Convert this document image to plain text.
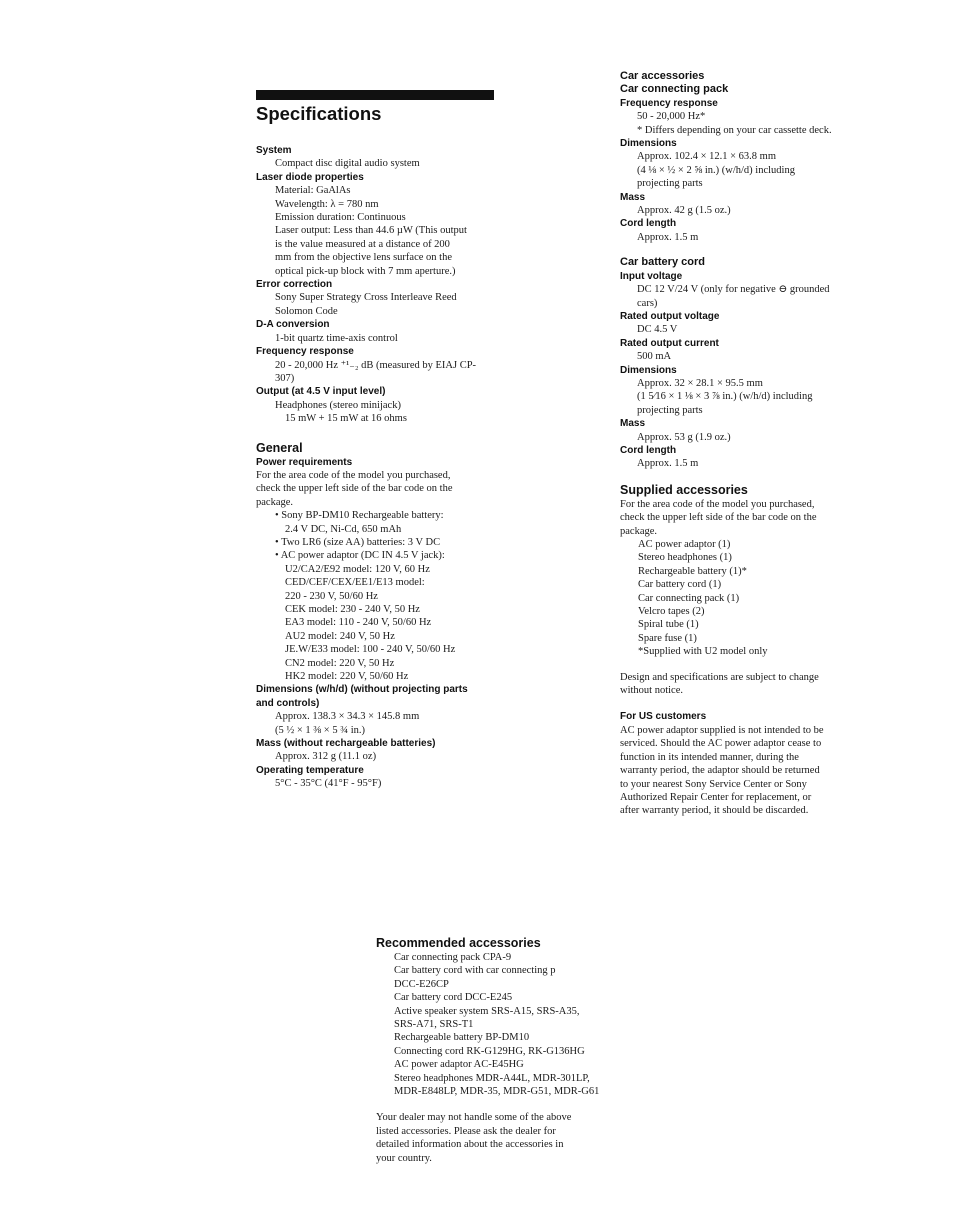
Specifications
System
Compact disc digital audio system
Laser diode properties
Material: GaAlAs
Wavelength: λ = 780 nm
Emission duration: Continuous
Laser output: Less than 44.6 µW (This output
is the value measured at a distance of 200
mm from the objective lens surface on the
optical pick-up block with 7 mm aperture.)
Error correction
Sony Super Strategy Cross Interleave Reed
Solomon Code
D-A conversion
1-bit quartz time-axis control
Frequency response
20 - 20,000 Hz ⁺¹₋₂ dB (measured by EIAJ CP-
307)
Output (at 4.5 V input level)
Headphones (stereo minijack)
15 mW + 15 mW at 16 ohms
General
Power requirements
For the area code of the model you purchased,
check the upper left side of the bar code on the
package.
• Sony BP-DM10 Rechargeable battery:
2.4 V DC, Ni-Cd, 650 mAh
• Two LR6 (size AA) batteries: 3 V DC
• AC power adaptor (DC IN 4.5 V jack):
U2/CA2/E92 model: 120 V, 60 Hz
CED/CEF/CEX/EE1/E13 model:
220 - 230 V, 50/60 Hz
CEK model: 230 - 240 V, 50 Hz
EA3 model: 110 - 240 V, 50/60 Hz
AU2 model: 240 V, 50 Hz
JE.W/E33 model: 100 - 240 V, 50/60 Hz
CN2 model: 220 V, 50 Hz
HK2 model: 220 V, 50/60 Hz
Dimensions (w/h/d) (without projecting parts
and controls)
Approx. 138.3 × 34.3 × 145.8 mm
(5 ½ × 1 ⅜ × 5 ¾ in.)
Mass (without rechargeable batteries)
Approx. 312 g (11.1 oz)
Operating temperature
5°C - 35°C (41°F - 95°F)
Car accessories
Car connecting pack
Frequency response
50 - 20,000 Hz*
* Differs depending on your car cassette deck.
Dimensions
Approx. 102.4 × 12.1 × 63.8 mm
(4 ⅛ × ½ × 2 ⅝ in.) (w/h/d) including
projecting parts
Mass
Approx. 42 g (1.5 oz.)
Cord length
Approx. 1.5 m
Car battery cord
Input voltage
DC 12 V/24 V (only for negative ⊖ grounded
cars)
Rated output voltage
DC 4.5 V
Rated output current
500 mA
Dimensions
Approx. 32 × 28.1 × 95.5 mm
(1 5⁄16 × 1 ⅛ × 3 ⅞ in.) (w/h/d) including
projecting parts
Mass
Approx. 53 g (1.9 oz.)
Cord length
Approx. 1.5 m
Supplied accessories
For the area code of the model you purchased,
check the upper left side of the bar code on the
package.
AC power adaptor (1)
Stereo headphones (1)
Rechargeable battery (1)*
Car battery cord (1)
Car connecting pack (1)
Velcro tapes (2)
Spiral tube (1)
Spare fuse (1)
*Supplied with U2 model only
Design and specifications are subject to change
without notice.
For US customers
AC power adaptor supplied is not intended to be
serviced. Should the AC power adaptor cease to
function in its intended manner, during the
warranty period, the adaptor should be returned
to your nearest Sony Service Center or Sony
Authorized Repair Center for replacement, or
after warranty period, it should be discarded.
Recommended accessories
Car connecting pack CPA-9
Car battery cord with car connecting p
DCC-E26CP
Car battery cord DCC-E245
Active speaker system SRS-A15, SRS-A35,
SRS-A71, SRS-T1
Rechargeable battery BP-DM10
Connecting cord RK-G129HG, RK-G136HG
AC power adaptor AC-E45HG
Stereo headphones MDR-A44L, MDR-301LP,
MDR-E848LP, MDR-35, MDR-G51, MDR-G61
Your dealer may not handle some of the above
listed accessories. Please ask the dealer for
detailed information about the accessories in
your country.
